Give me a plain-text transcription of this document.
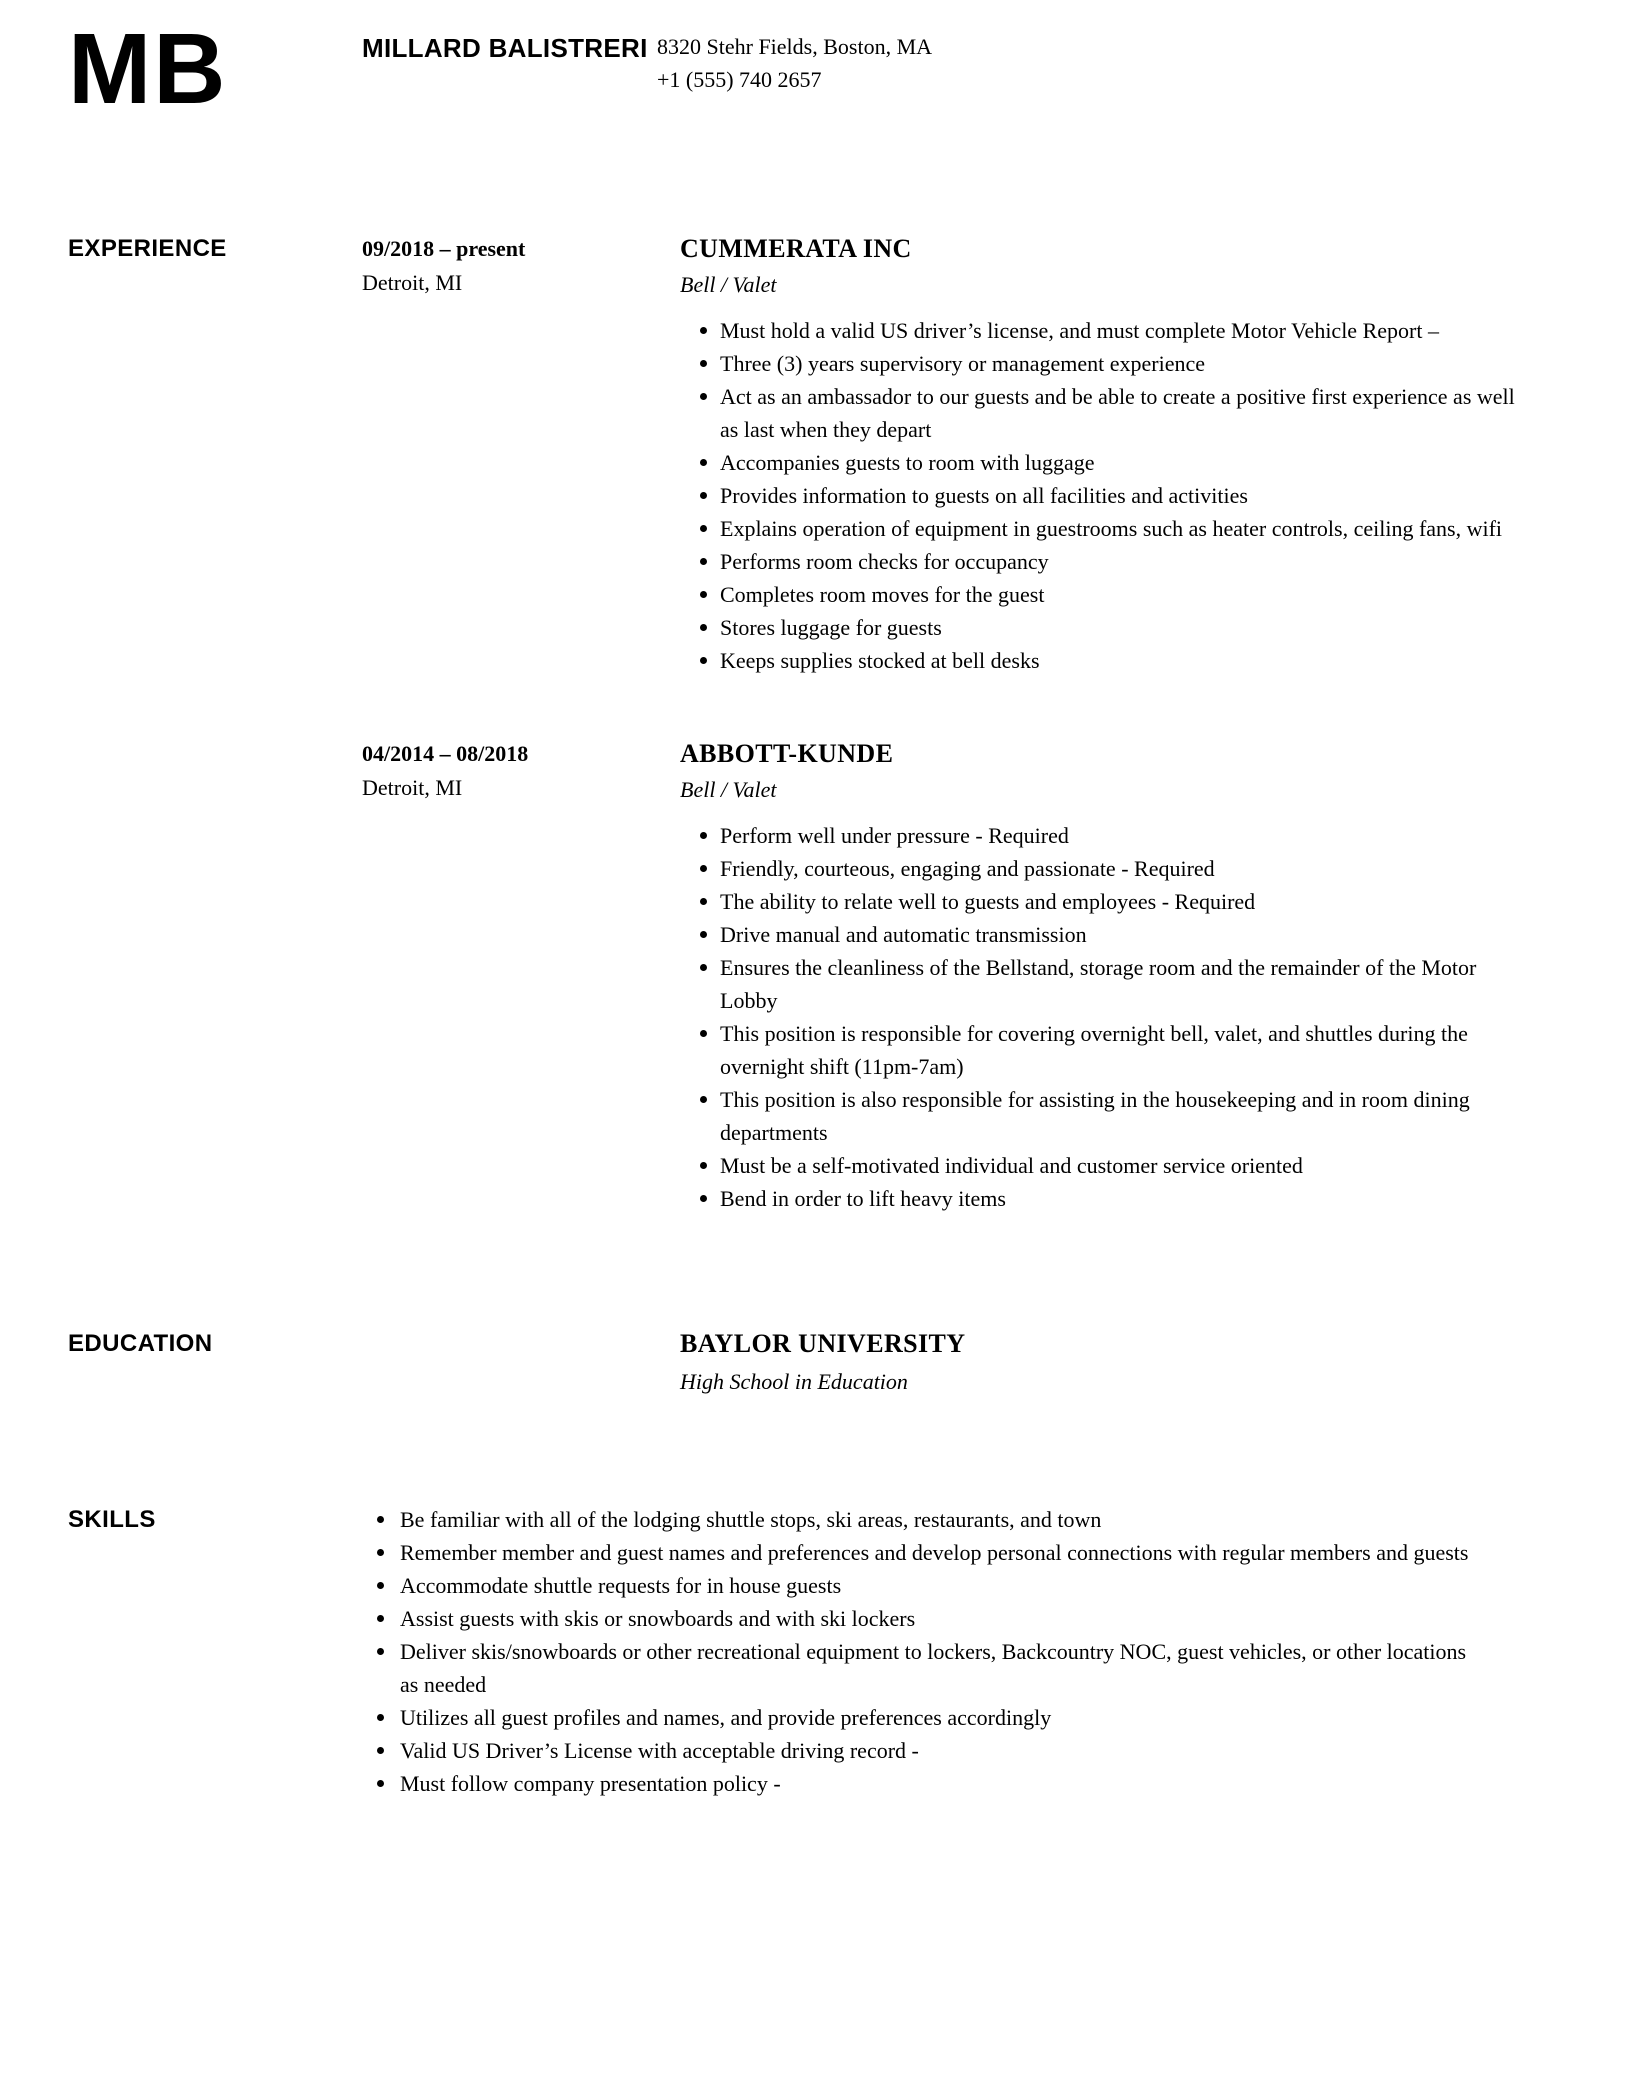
MB	MILLARD BALISTRERI 8320 Stehr Fields, Boston, MA
+1 (555) 740 2657
EXPERIENCE	09/2018 – present
Detroit, MI
CUMMERATA INC
Bell / Valet
Must hold a valid US driver’s license, and must complete Motor Vehicle Report –
Three (3) years supervisory or management experience
Act as an ambassador to our guests and be able to create a positive first experience as well as last when they depart
Accompanies guests to room with luggage
Provides information to guests on all facilities and activities
Explains operation of equipment in guestrooms such as heater controls, ceiling fans, wifi
Performs room checks for occupancy
Completes room moves for the guest
Stores luggage for guests
Keeps supplies stocked at bell desks
04/2014 – 08/2018
Detroit, MI
ABBOTT-KUNDE
Bell / Valet
Perform well under pressure - Required
Friendly, courteous, engaging and passionate - Required
The ability to relate well to guests and employees - Required
Drive manual and automatic transmission
Ensures the cleanliness of the Bellstand, storage room and the remainder of the Motor Lobby
This position is responsible for covering overnight bell, valet, and shuttles during the overnight shift (11pm-7am)
This position is also responsible for assisting in the housekeeping and in room dining departments
Must be a self-motivated individual and customer service oriented
Bend in order to lift heavy items
EDUCATION	BAYLOR UNIVERSITY
High School in Education
SKILLS	Be familiar with all of the lodging shuttle stops, ski areas, restaurants, and town
Remember member and guest names and preferences and develop personal connections with regular members and guests
Accommodate shuttle requests for in house guests
Assist guests with skis or snowboards and with ski lockers
Deliver skis/snowboards or other recreational equipment to lockers, Backcountry NOC, guest vehicles, or other locations as needed
Utilizes all guest profiles and names, and provide preferences accordingly
Valid US Driver’s License with acceptable driving record -
Must follow company presentation policy -
